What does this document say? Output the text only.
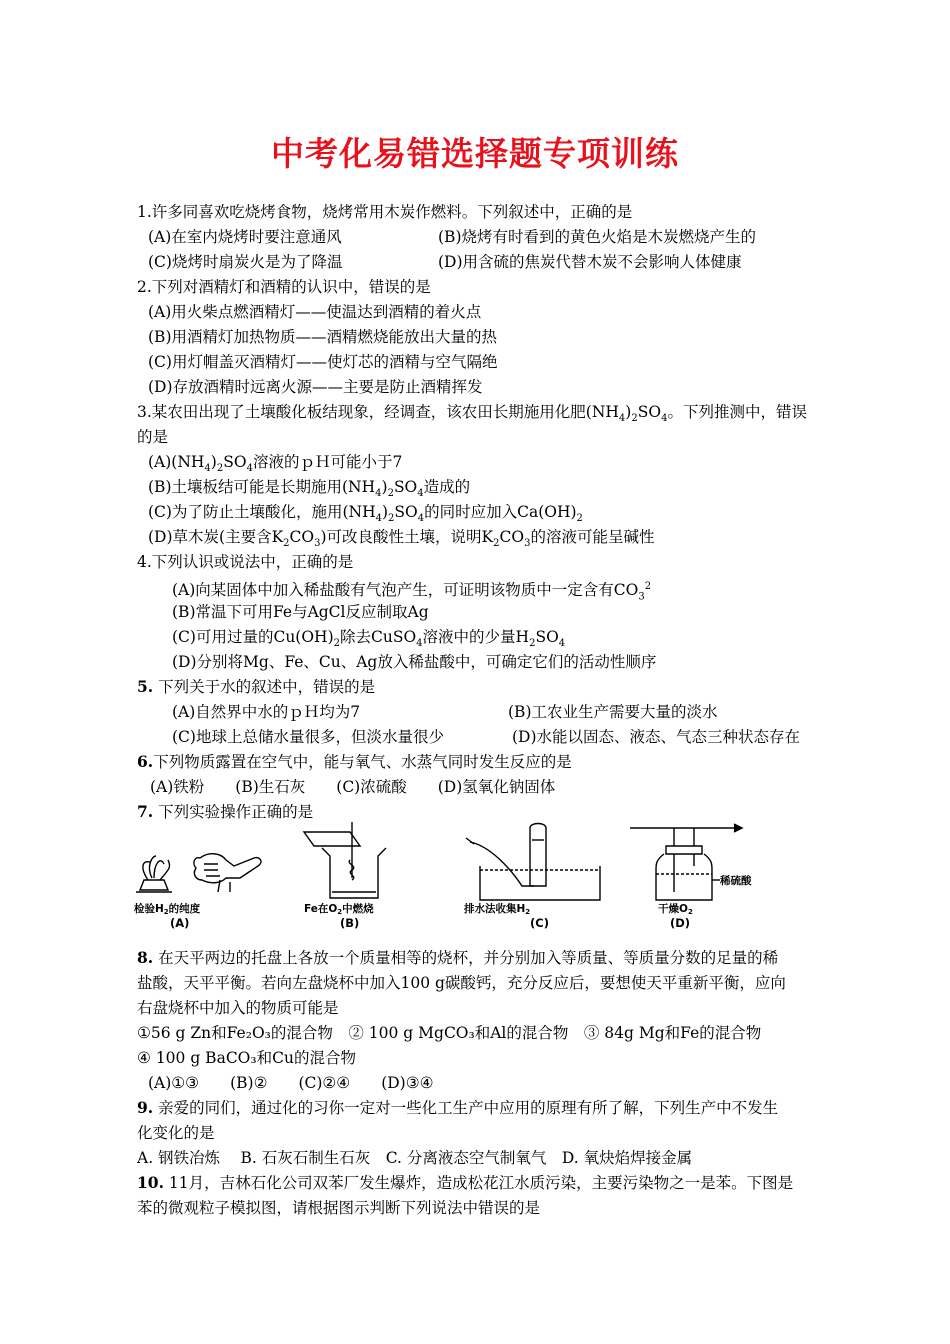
中考化易错选择题专项训练
1.许多同喜欢吃烧烤食物，烧烤常用木炭作燃料。下列叙述中，正确的是
(A)在室内烧烤时要注意通风	(B)烧烤有时看到的黄色火焰是木炭燃烧产生的
(C)烧烤时扇炭火是为了降温	(D)用含硫的焦炭代替木炭不会影响人体健康
2.下列对酒精灯和酒精的认识中，错误的是
(A)用火柴点燃酒精灯——使温达到酒精的着火点
(B)用酒精灯加热物质——酒精燃烧能放出大量的热
(C)用灯帽盖灭酒精灯——使灯芯的酒精与空气隔绝
(D)存放酒精时远离火源——主要是防止酒精挥发
3.某农田出现了土壤酸化板结现象，经调查，该农田长期施用化肥$(NH_4)_2SO_4$。下列推测中，错误
的是
$(A)(NH_4)_2SO_4$溶液的ｐＨ可能小于7
(B)土壤板结可能是长期施用$(NH_4)_2SO_4$造成的
(C)为了防止土壤酸化，施用$(NH_4)_2SO_4$的同时应加入$Ca(OH)_2$
(D)草木炭(主要含$K_2CO_3$)可改良酸性土壤，说明$K_2CO_3$的溶液可能呈碱性
4.下列认识或说法中，正确的是
(A)向某固体中加入稀盐酸有气泡产生，可证明该物质中一定含有$CO_3^2$
(B)常温下可用Fe与AgCl反应制取Ag
(C)可用过量的$Cu(OH)_2$除去CuSO$_4$溶液中的少量$H_2SO_4$
(D)分别将Mg、Fe、Cu、Ag放入稀盐酸中，可确定它们的活动性顺序
5. 下列关于水的叙述中，错误的是
(A)自然界中水的ｐＨ均为7	(B)工农业生产需要大量的淡水
(C)地球上总储水量很多，但淡水量很少	(D)水能以固态、液态、气态三种状态存在
6.下列物质露置在空气中，能与氧气、水蒸气同时发生反应的是
(A)铁粉　　(B)生石灰　　(C)浓硫酸　　(D)氢氧化钠固体
7. 下列实验操作正确的是
检验H2的纯度
(A)
Fe在O2中燃烧
(B)
排水法收集H2
(C)
稀硫酸
干燥O2
(D)
8. 在天平两边的托盘上各放一个质量相等的烧杯，并分别加入等质量、等质量分数的足量的稀
盐酸，天平平衡。若向左盘烧杯中加入100 g碳酸钙，充分反应后，要想使天平重新平衡，应向
右盘烧杯中加入的物质可能是
①56 g Zn和Fe₂O₃的混合物　② 100 g MgCO₃和Al的混合物　③ 84g Mg和Fe的混合物
④ 100 g BaCO₃和Cu的混合物
(A)①③　　(B)②　　(C)②④　　(D)③④
9. 亲爱的同们，通过化的习你一定对一些化工生产中应用的原理有所了解，下列生产中不发生
化变化的是
A. 钢铁冶炼　 B. 石灰石制生石灰　C. 分离液态空气制氧气　D. 氧炔焰焊接金属
10. 11月，吉林石化公司双苯厂发生爆炸，造成松花江水质污染，主要污染物之一是苯。下图是
苯的微观粒子模拟图，请根据图示判断下列说法中错误的是
